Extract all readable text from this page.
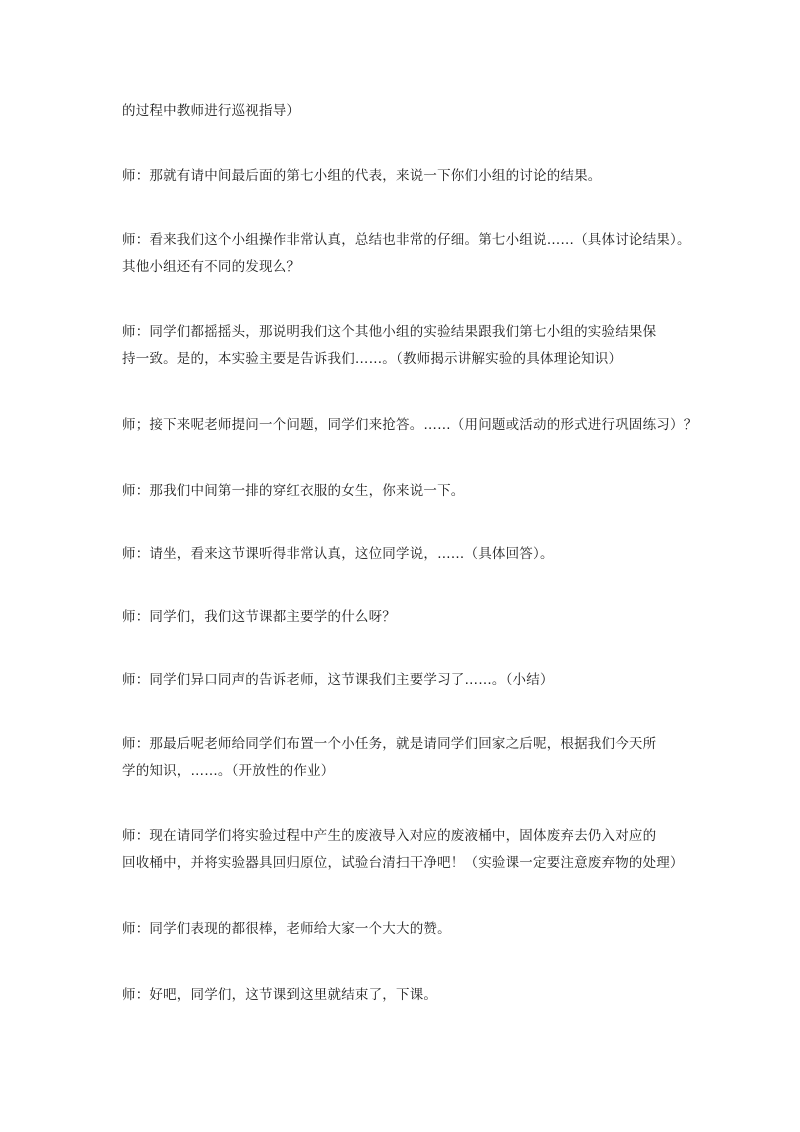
的过程中教师进行巡视指导）
师：那就有请中间最后面的第七小组的代表，来说一下你们小组的讨论的结果。
师：看来我们这个小组操作非常认真，总结也非常的仔细。第七小组说……（具体讨论结果）。
其他小组还有不同的发现么？
师：同学们都摇摇头，那说明我们这个其他小组的实验结果跟我们第七小组的实验结果保
持一致。是的，本实验主要是告诉我们……。（教师揭示讲解实验的具体理论知识）
师；接下来呢老师提问一个问题，同学们来抢答。……（用问题或活动的形式进行巩固练习）？
师：那我们中间第一排的穿红衣服的女生，你来说一下。
师：请坐，看来这节课听得非常认真，这位同学说，……（具体回答）。
师：同学们，我们这节课都主要学的什么呀？
师：同学们异口同声的告诉老师，这节课我们主要学习了……。（小结）
师：那最后呢老师给同学们布置一个小任务，就是请同学们回家之后呢，根据我们今天所
学的知识，……。（开放性的作业）
师：现在请同学们将实验过程中产生的废液导入对应的废液桶中，固体废弃去仍入对应的
回收桶中，并将实验器具回归原位，试验台清扫干净吧！（实验课一定要注意废弃物的处理）
师：同学们表现的都很棒，老师给大家一个大大的赞。
师：好吧，同学们，这节课到这里就结束了，下课。
